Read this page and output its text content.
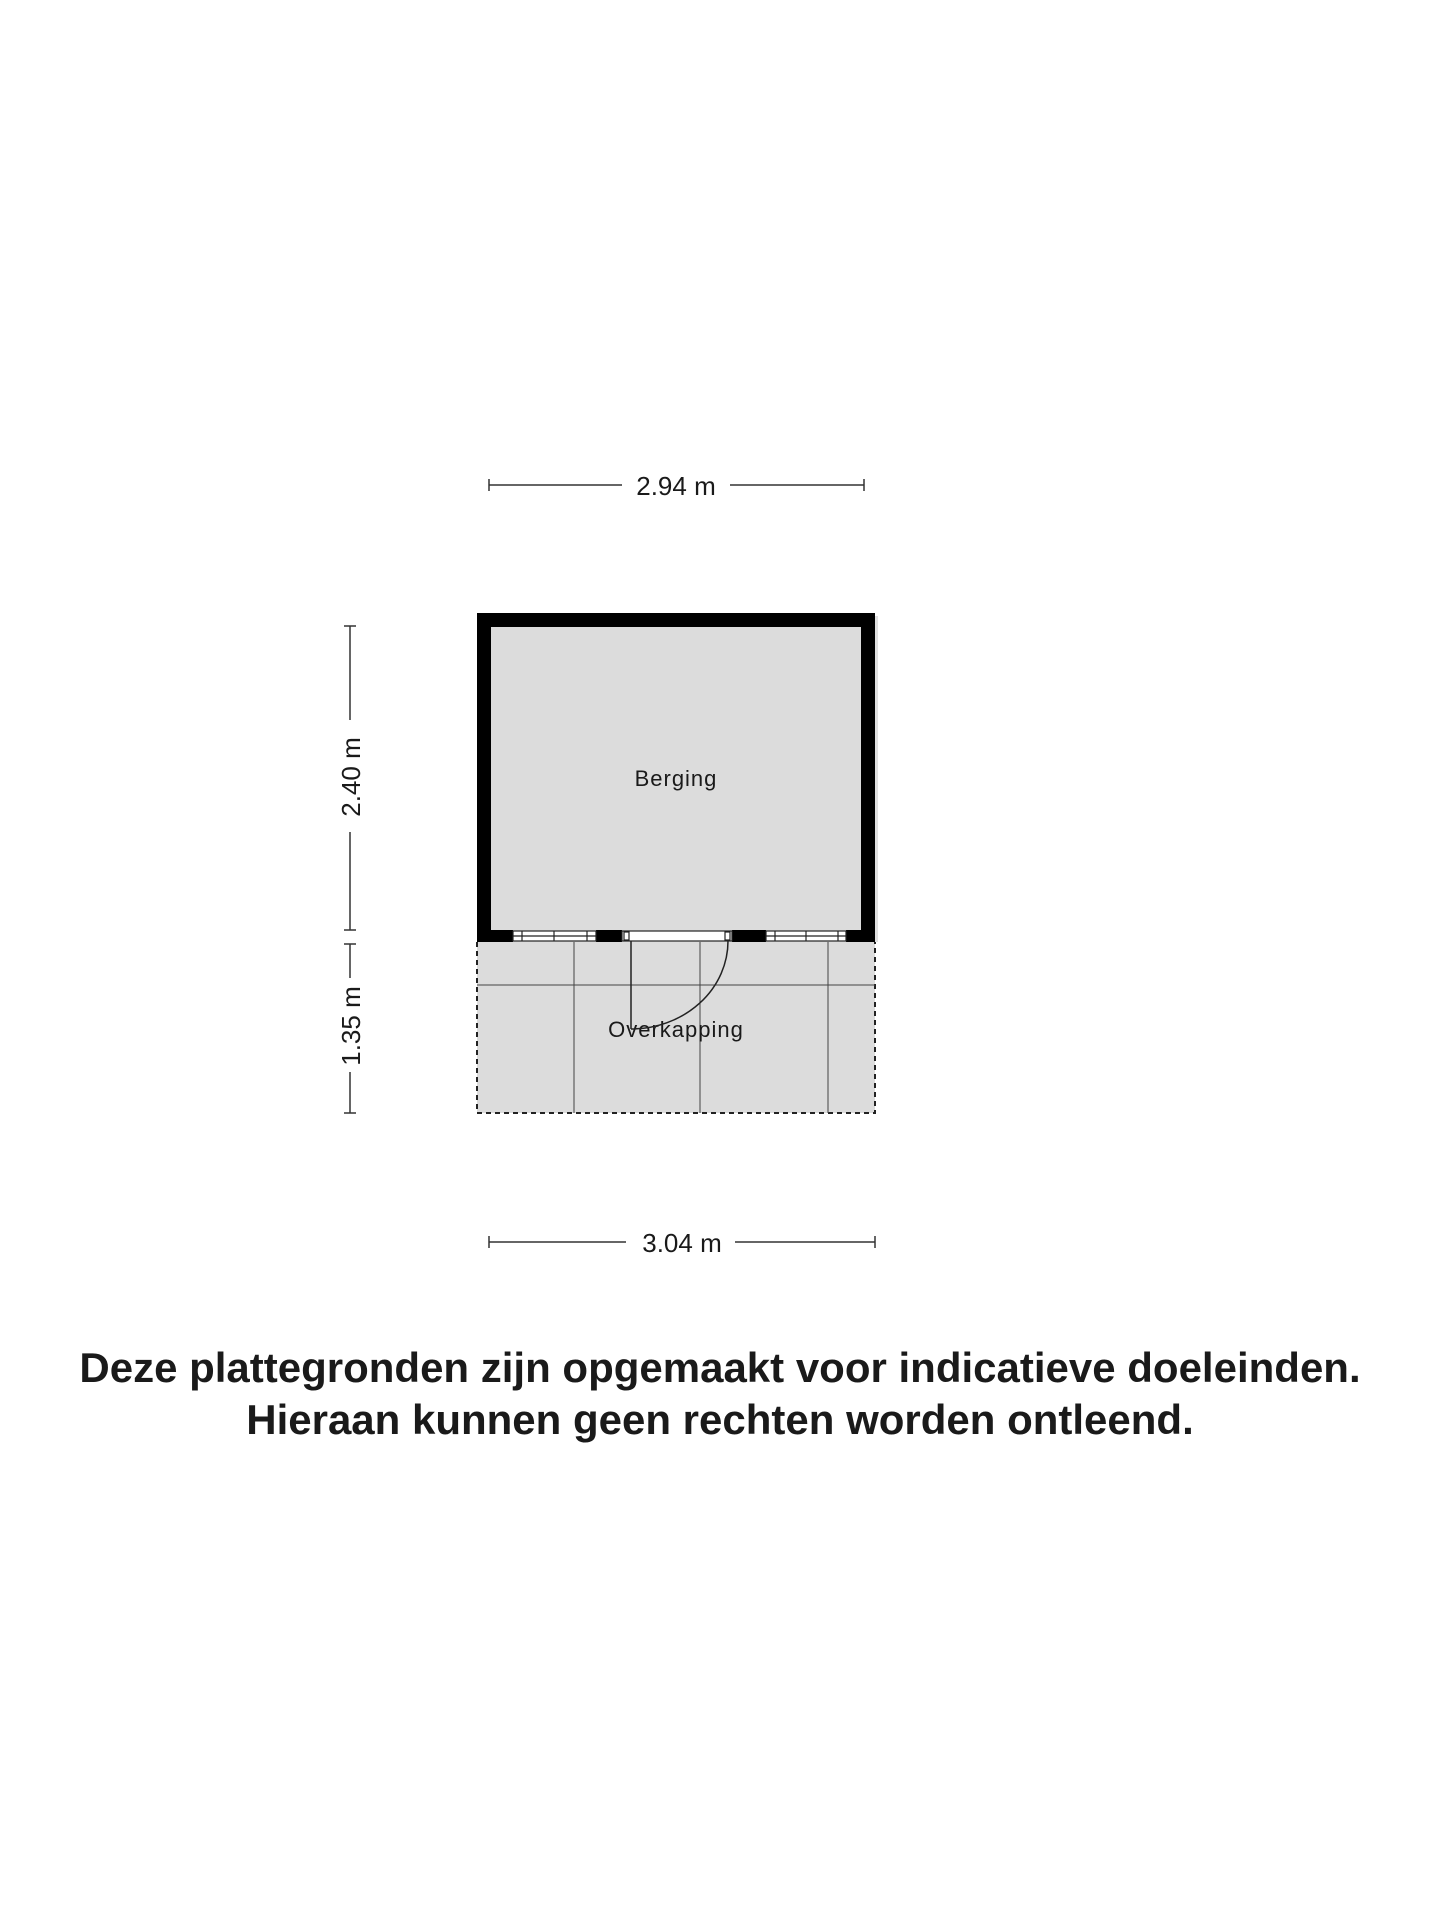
2.94 m
2.40 m
1.35 m	Overkapping
Berging
3.04 m
Deze plattegronden zijn opgemaakt voor indicatieve doeleinden.
Hieraan kunnen geen rechten worden ontleend.
